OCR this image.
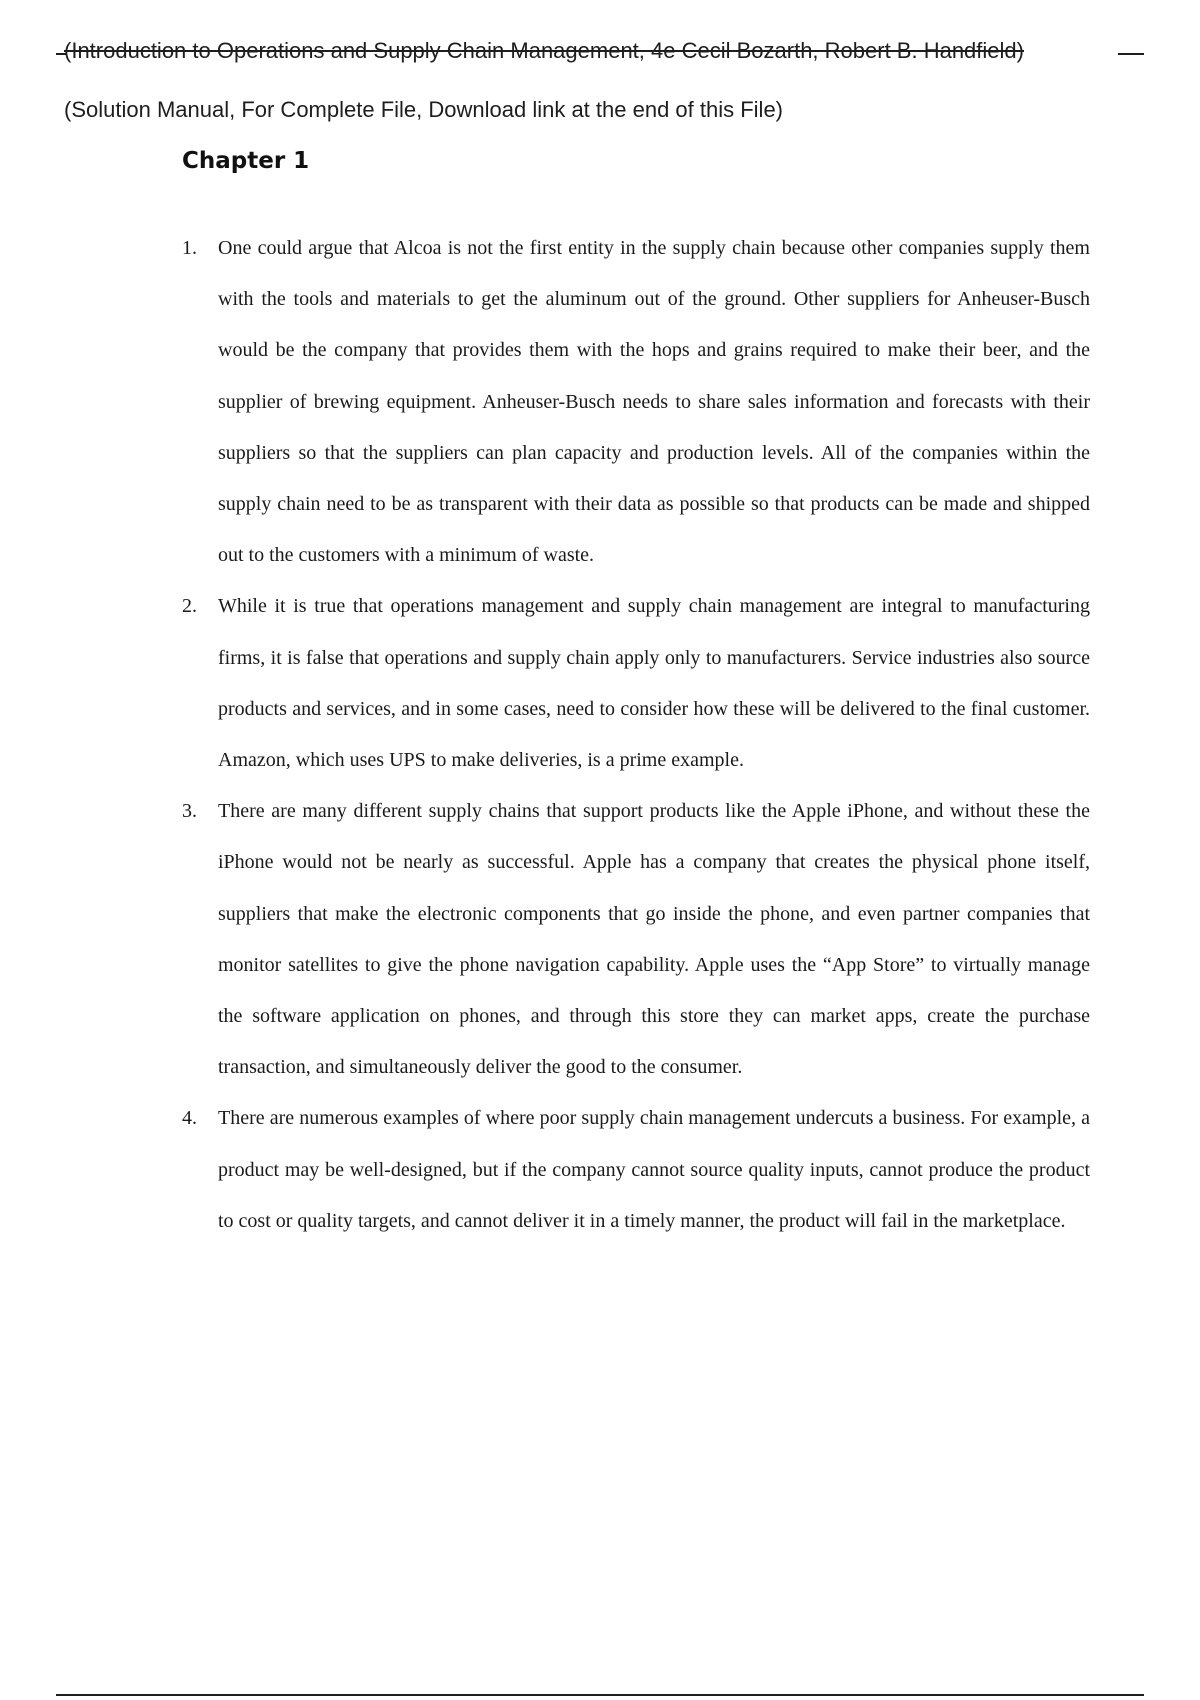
(Introduction to Operations and Supply Chain Management, 4e Cecil Bozarth, Robert B. Handfield)
(Solution Manual, For Complete File, Download link at the end of this File)
Chapter 1
1.	One could argue that Alcoa is not the first entity in the supply chain because other companies supply them with the tools and materials to get the aluminum out of the ground. Other suppliers for Anheuser-Busch would be the company that provides them with the hops and grains required to make their beer, and the supplier of brewing equipment. Anheuser-Busch needs to share sales information and forecasts with their suppliers so that the suppliers can plan capacity and production levels. All of the companies within the supply chain need to be as transparent with their data as possible so that products can be made and shipped out to the customers with a minimum of waste.
2.	While it is true that operations management and supply chain management are integral to manufacturing firms, it is false that operations and supply chain apply only to manufacturers. Service industries also source products and services, and in some cases, need to consider how these will be delivered to the final customer. Amazon, which uses UPS to make deliveries, is a prime example.
3.	There are many different supply chains that support products like the Apple iPhone, and without these the iPhone would not be nearly as successful. Apple has a company that creates the physical phone itself, suppliers that make the electronic components that go inside the phone, and even partner companies that monitor satellites to give the phone navigation capability. Apple uses the “App Store” to virtually manage the software application on phones, and through this store they can market apps, create the purchase transaction, and simultaneously deliver the good to the consumer.
4.	There are numerous examples of where poor supply chain management undercuts a business. For example, a product may be well-designed, but if the company cannot source quality inputs, cannot produce the product to cost or quality targets, and cannot deliver it in a timely manner, the product will fail in the marketplace.
